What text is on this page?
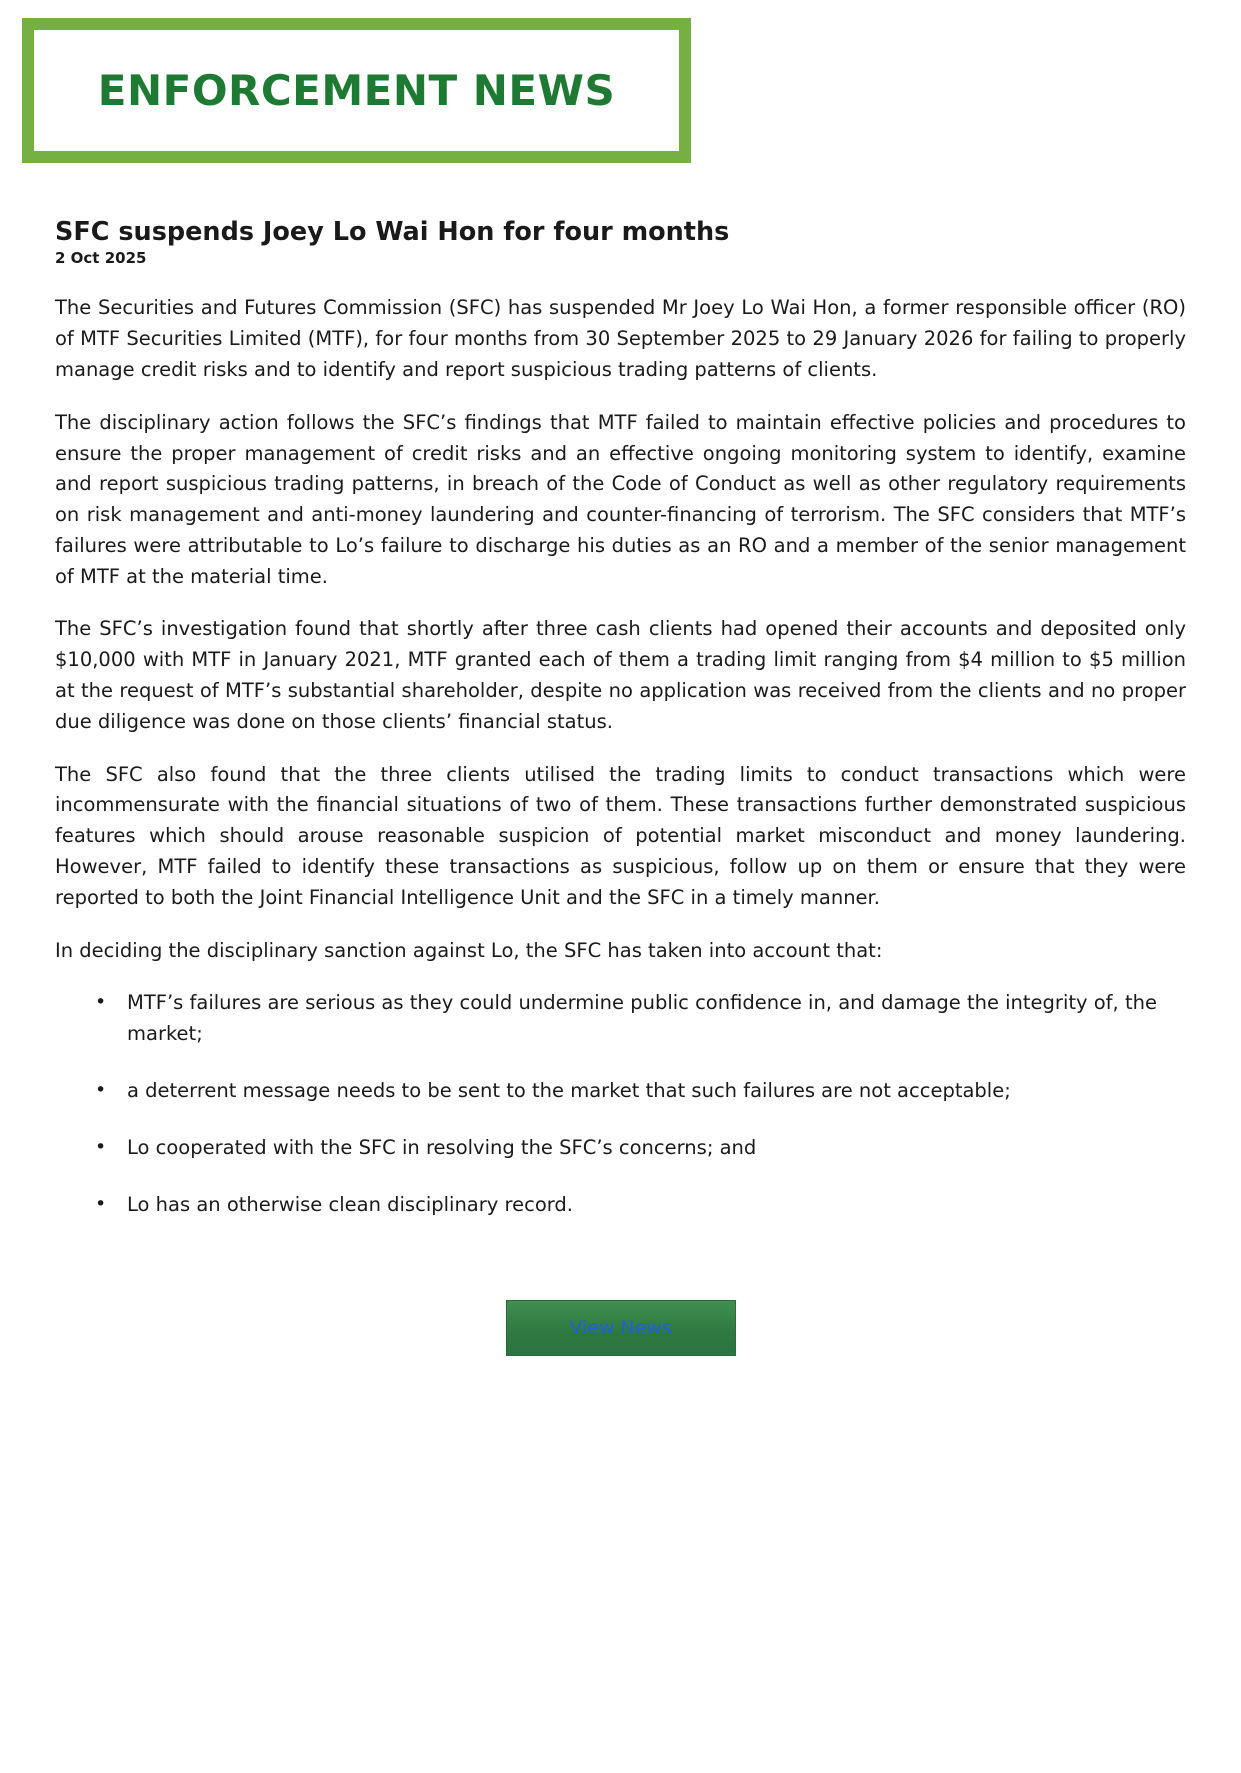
ENFORCEMENT NEWS
SFC suspends Joey Lo Wai Hon for four months
2 Oct 2025

The Securities and Futures Commission (SFC) has suspended Mr Joey Lo Wai Hon, a former responsible officer (RO) of MTF Securities Limited (MTF), for four months from 30 September 2025 to 29 January 2026 for failing to properly manage credit risks and to identify and report suspicious trading patterns of clients.

The disciplinary action follows the SFC’s findings that MTF failed to maintain effective policies and procedures to ensure the proper management of credit risks and an effective ongoing monitoring system to identify, examine and report suspicious trading patterns, in breach of the Code of Conduct as well as other regulatory requirements on risk management and anti-money laundering and counter-financing of terrorism. The SFC considers that MTF’s failures were attributable to Lo’s failure to discharge his duties as an RO and a member of the senior management of MTF at the material time.

The SFC’s investigation found that shortly after three cash clients had opened their accounts and deposited only $10,000 with MTF in January 2021, MTF granted each of them a trading limit ranging from $4 million to $5 million at the request of MTF’s substantial shareholder, despite no application was received from the clients and no proper due diligence was done on those clients’ financial status.

The SFC also found that the three clients utilised the trading limits to conduct transactions which were incommensurate with the financial situations of two of them. These transactions further demonstrated suspicious features which should arouse reasonable suspicion of potential market misconduct and money laundering. However, MTF failed to identify these transactions as suspicious, follow up on them or ensure that they were reported to both the Joint Financial Intelligence Unit and the SFC in a timely manner.

In deciding the disciplinary sanction against Lo, the SFC has taken into account that:

• MTF’s failures are serious as they could undermine public confidence in, and damage the integrity of, the market;
• a deterrent message needs to be sent to the market that such failures are not acceptable;
• Lo cooperated with the SFC in resolving the SFC’s concerns; and
• Lo has an otherwise clean disciplinary record.
View News
